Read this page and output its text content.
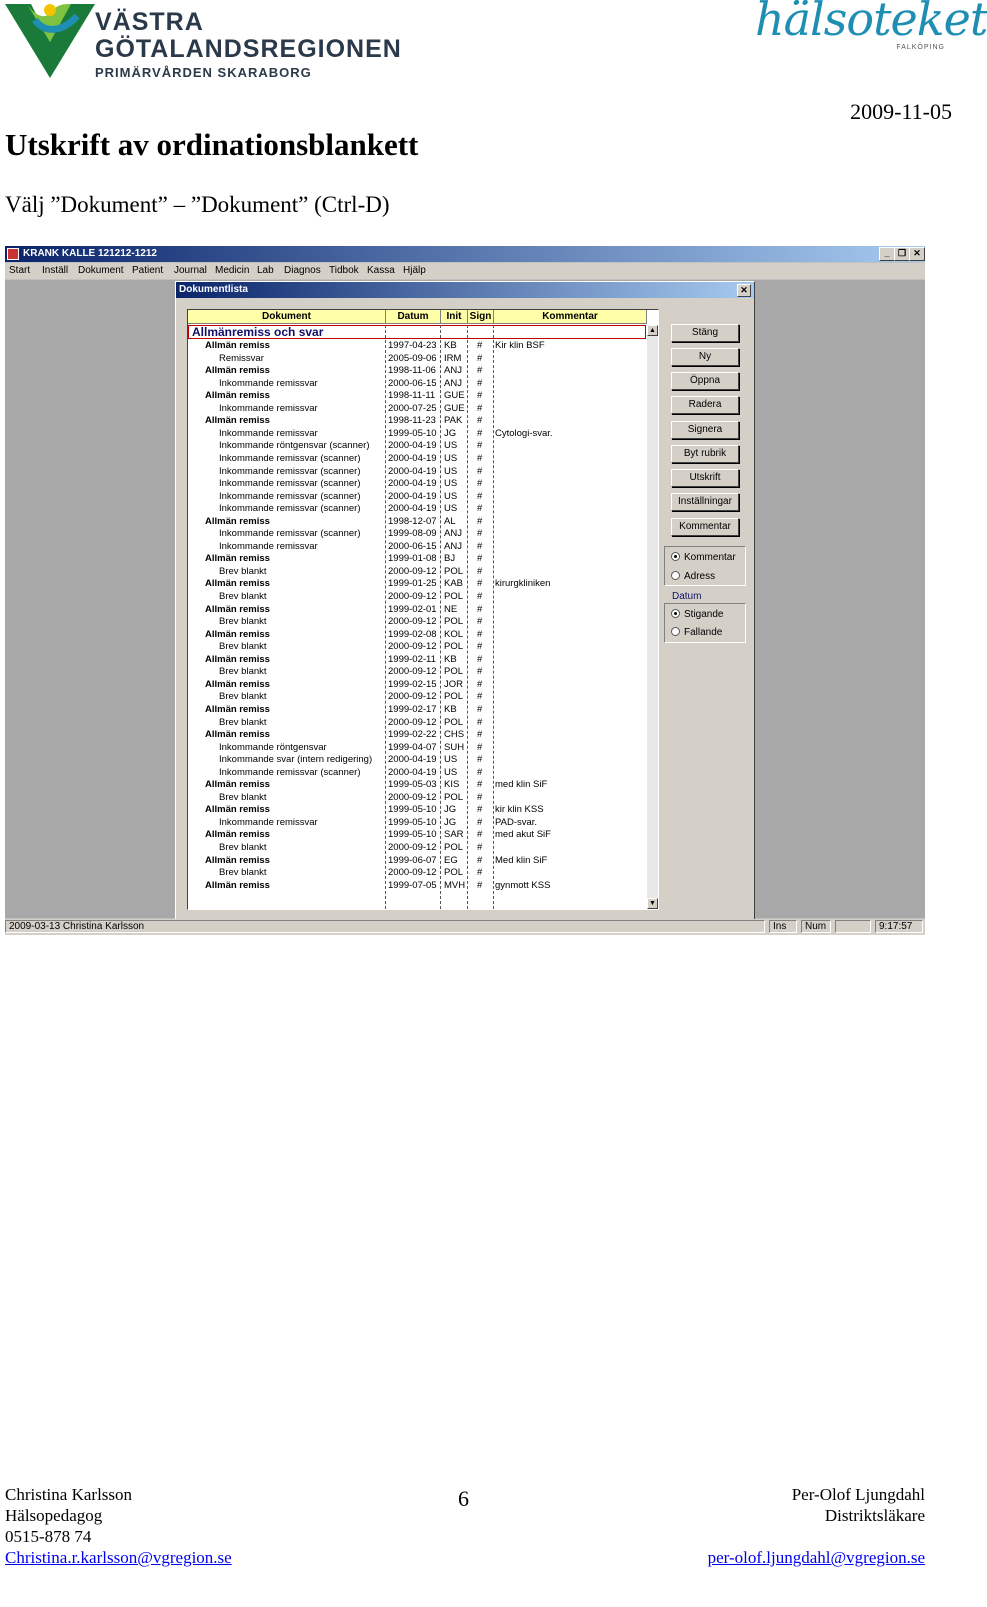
VÄSTRA
GÖTALANDSREGIONEN
PRIMÄRVÅRDEN SKARABORG
hälsoteket
FALKÖPING
2009-11-05
Utskrift av ordinationsblankett
Välj ”Dokument” – ”Dokument” (Ctrl-D)
KRANK KALLE 121212-1212	_ ❐ ✕
Start Inställ Dokument Patient Journal Medicin Lab Diagnos Tidbok Kassa Hjälp
Dokumentlista	✕
Dokument	Datum	Init Sign	Kommentar
Allmänremiss och svar
Allmän remiss	1997-04-23 KB # Kir klin BSF
Remissvar	2005-09-06 IRM #
Allmän remiss	1998-11-06 ANJ #
Inkommande remissvar	2000-06-15 ANJ #
Allmän remiss	1998-11-11 GUE #
Inkommande remissvar	2000-07-25 GUE #
Allmän remiss	1998-11-23 PAK #
Inkommande remissvar	1999-05-10 JG # Cytologi-svar.
Inkommande röntgensvar (scanner) 2000-04-19 US #
Inkommande remissvar (scanner)	2000-04-19 US #
Inkommande remissvar (scanner)	2000-04-19 US #
Inkommande remissvar (scanner)	2000-04-19 US #
Inkommande remissvar (scanner)	2000-04-19 US #
Inkommande remissvar (scanner)	2000-04-19 US #
Allmän remiss	1998-12-07 AL #
Inkommande remissvar (scanner)	1999-08-09 ANJ #
Inkommande remissvar	2000-06-15 ANJ #
Allmän remiss	1999-01-08 BJ #
Brev blankt	2000-09-12 POL #
Allmän remiss	1999-01-25 KAB # kirurgkliniken
Brev blankt	2000-09-12 POL #
Allmän remiss	1999-02-01 NE #
Brev blankt	2000-09-12 POL #
Allmän remiss	1999-02-08 KOL #
Brev blankt	2000-09-12 POL #
Allmän remiss	1999-02-11 KB #
Brev blankt	2000-09-12 POL #
Allmän remiss	1999-02-15 JOR #
Brev blankt	2000-09-12 POL #
Allmän remiss	1999-02-17 KB #
Brev blankt	2000-09-12 POL #
Allmän remiss	1999-02-22 CHS #
Inkommande röntgensvar	1999-04-07 SUH #
Inkommande svar (intern redigering) 2000-04-19 US #
Inkommande remissvar (scanner)	2000-04-19 US #
Allmän remiss	1999-05-03 KIS # med klin SiF
Brev blankt	2000-09-12 POL #
Allmän remiss	1999-05-10 JG # kir klin KSS
Inkommande remissvar	1999-05-10 JG # PAD-svar.
Allmän remiss	1999-05-10 SAR # med akut SiF
Brev blankt	2000-09-12 POL #
Allmän remiss	1999-06-07 EG # Med klin SiF
Brev blankt	2000-09-12 POL #
Allmän remiss	1999-07-05 MVH # gynmott KSS
▲
▼
Stäng
Ny
Öppna
Radera
Signera
Byt rubrik
Utskrift
Inställningar
Kommentar
Kommentar
Adress
Datum
Stigande
Fallande
2009-03-13 Christina Karlsson	Ins	Num	9:17:57
Christina Karlsson
Hälsopedagog
0515-878 74
Christina.r.karlsson@vgregion.se
6	Per-Olof Ljungdahl
Distriktsläkare
per-olof.ljungdahl@vgregion.se
